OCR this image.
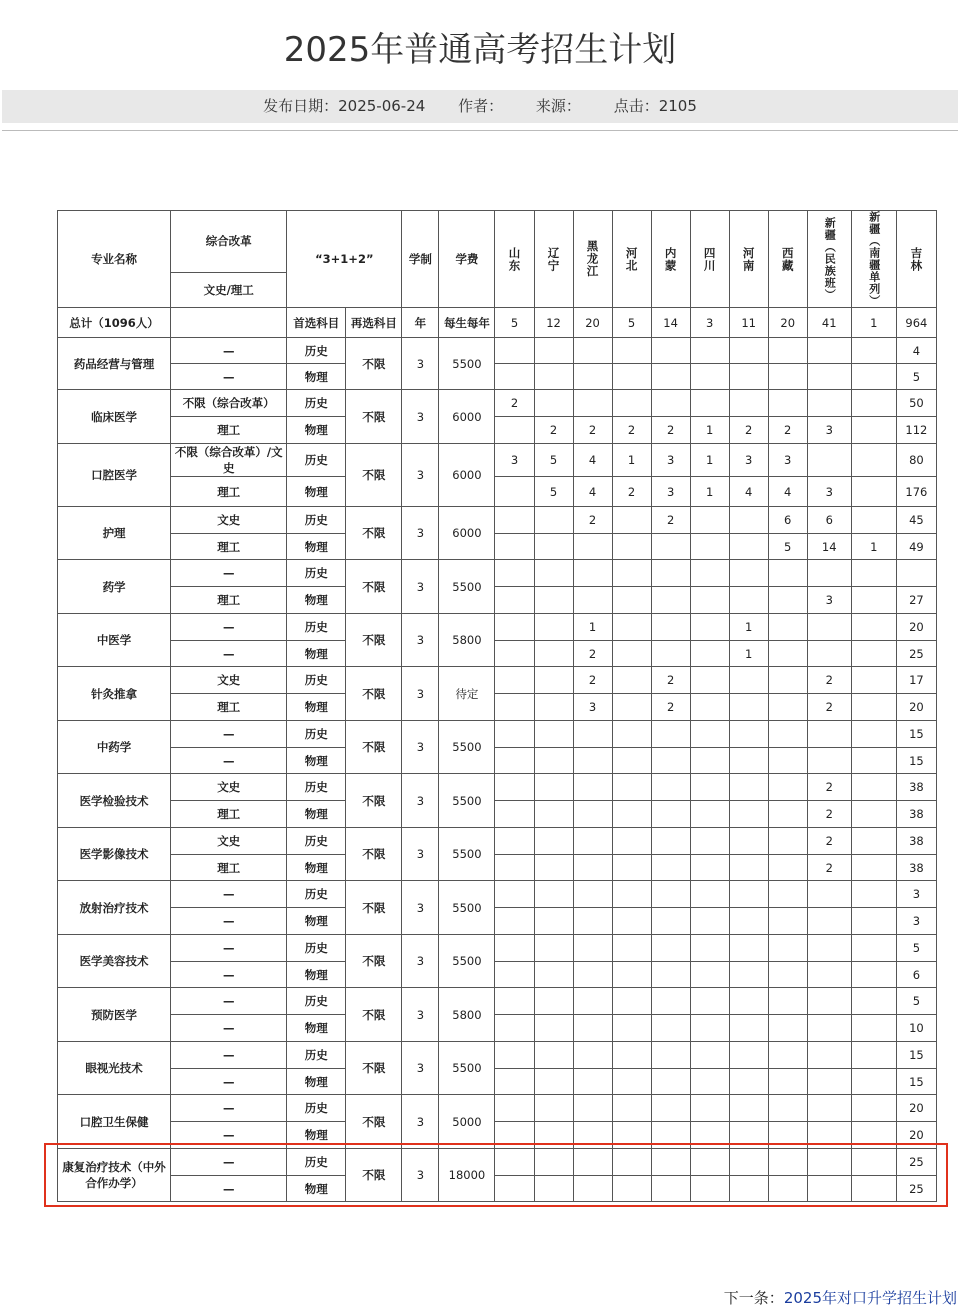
2025年普通高考招生计划
发布日期：2025-06-24 作者： 来源： 点击：2105
专业名称	综合改革	“3+1+2”		学制	学费	山东	辽宁	黑龙江	河北	内蒙	四川	河南	西藏	新疆（民族班）	新疆（南疆单列）	吉林

	文史/理工															
总计（1096人）		首选科目	再选科目	年	每生每年	5	12	20	5	14	3	11	20	41	1	964
药品经营与管理	—	历史	不限	3	5500											4
	—	物理														5
临床医学	不限（综合改革）	历史	不限	3	6000	2										50
	理工	物理					2	2	2	2	1	2	2	3		112
口腔医学	不限（综合改革）/文史	历史	不限	3	6000	3	5	4	1	3	1	3	3			80
	理工	物理					5	4	2	3	1	4	4	3		176
护理	文史	历史	不限	3	6000			2		2			6	6		45
	理工	物理											5	14	1	49
药学	—	历史	不限	3	5500											
	理工	物理												3		27
中医学	—	历史	不限	3	5800			1				1				20
	—	物理						2				1				25
针灸推拿	文史	历史	不限	3	待定			2		2				2		17
	理工	物理						3		2				2		20
中药学	—	历史	不限	3	5500											15
	—	物理														15
医学检验技术	文史	历史	不限	3	5500									2		38
	理工	物理												2		38
医学影像技术	文史	历史	不限	3	5500									2		38
	理工	物理												2		38
放射治疗技术	—	历史	不限	3	5500											3
	—	物理														3
医学美容技术	—	历史	不限	3	5500											5
	—	物理														6
预防医学	—	历史	不限	3	5800											5
	—	物理														10
眼视光技术	—	历史	不限	3	5500											15
	—	物理														15
口腔卫生保健	—	历史	不限	3	5000											20
	—	物理														20
康复治疗技术（中外合作办学）	—	历史	不限	3	18000											25
	—	物理														25
下一条：2025年对口升学招生计划
